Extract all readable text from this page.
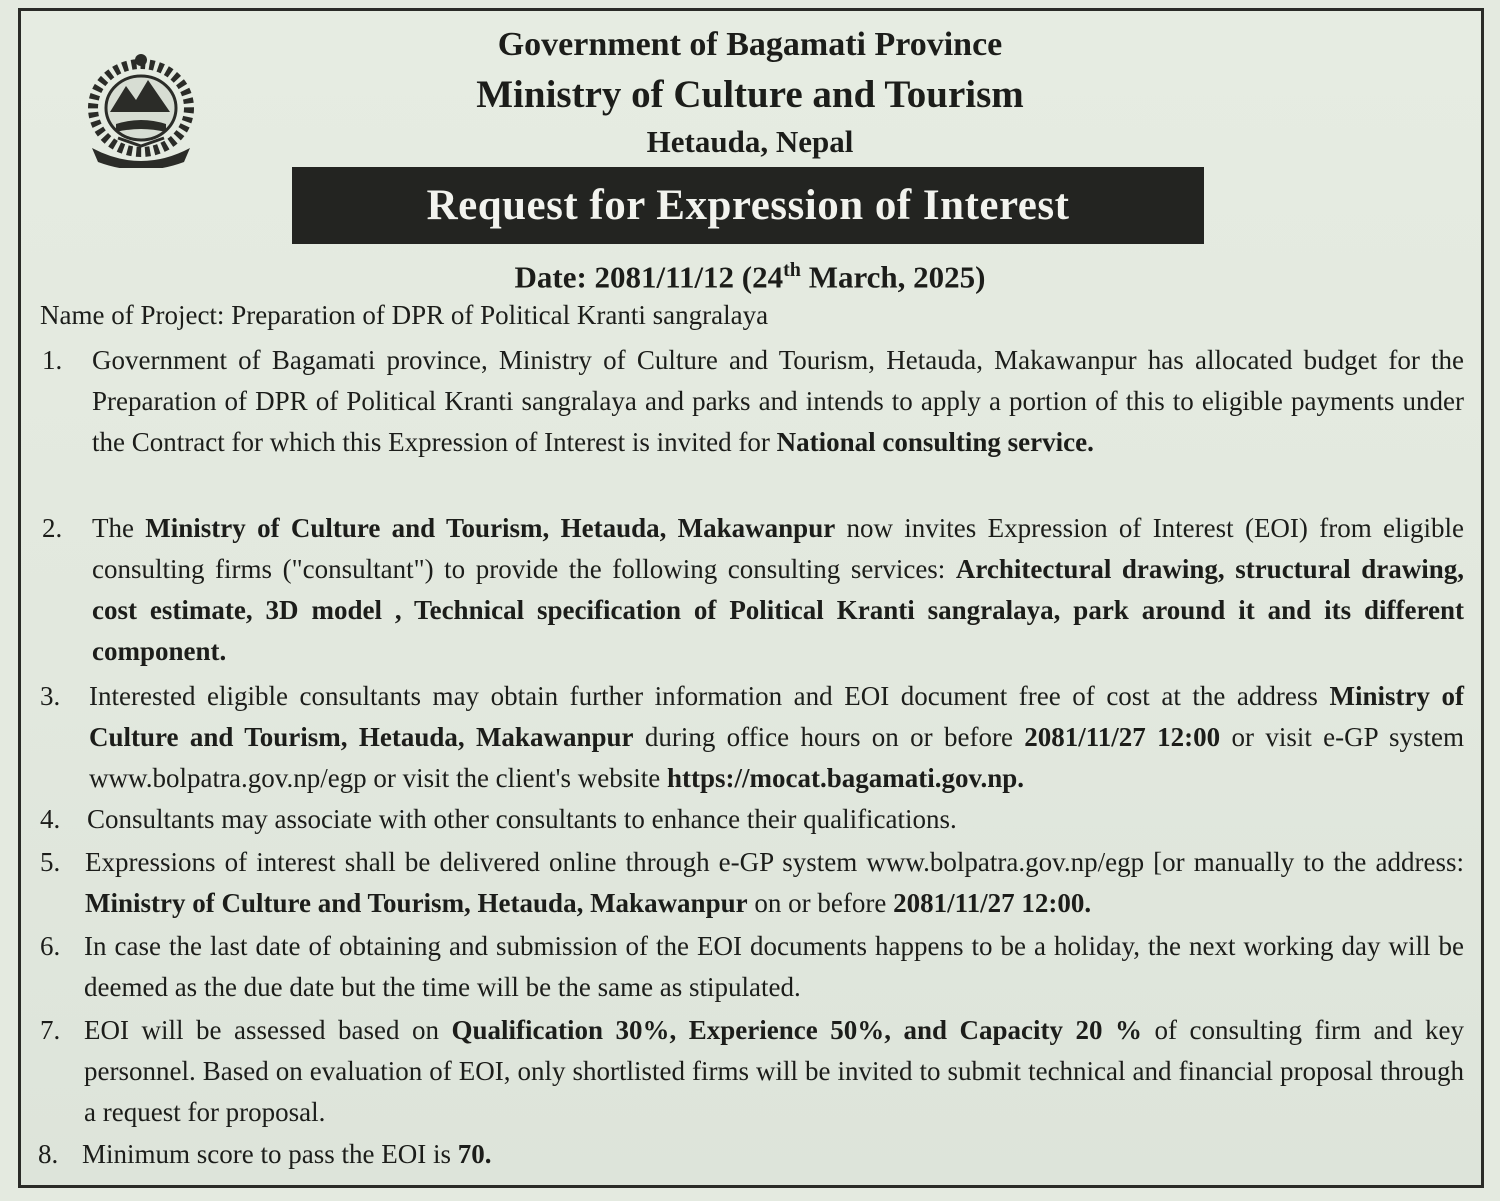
Government of Bagamati Province
Ministry of Culture and Tourism
Hetauda, Nepal
Request for Expression of Interest
Date: 2081/11/12 (24th March, 2025)
Name of Project: Preparation of DPR of Political Kranti sangralaya
1.	Government of Bagamati province, Ministry of Culture and Tourism, Hetauda, Makawanpur has allocated budget for the Preparation of DPR of Political Kranti sangralaya and parks and intends to apply a portion of this to eligible payments under the Contract for which this Expression of Interest is invited for National consulting service.
2.	The Ministry of Culture and Tourism, Hetauda, Makawanpur now invites Expression of Interest (EOI) from eligible consulting firms ("consultant") to provide the following consulting services: Architectural drawing, structural drawing, cost estimate, 3D model , Technical specification of Political Kranti sangralaya, park around it and its different component.
3.	Interested eligible consultants may obtain further information and EOI document free of cost at the address Ministry of Culture and Tourism, Hetauda, Makawanpur during office hours on or before 2081/11/27 12:00 or visit e-GP system www.bolpatra.gov.np/egp or visit the client's website https://mocat.bagamati.gov.np.
4. Consultants may associate with other consultants to enhance their qualifications.
5. Expressions of interest shall be delivered online through e-GP system www.bolpatra.gov.np/egp [or manually to the address: Ministry of Culture and Tourism, Hetauda, Makawanpur on or before 2081/11/27 12:00.
6. In case the last date of obtaining and submission of the EOI documents happens to be a holiday, the next working day will be deemed as the due date but the time will be the same as stipulated.
7. EOI will be assessed based on Qualification 30%, Experience 50%, and Capacity 20 % of consulting firm and key personnel. Based on evaluation of EOI, only shortlisted firms will be invited to submit technical and financial proposal through a request for proposal.
8. Minimum score to pass the EOI is 70.
